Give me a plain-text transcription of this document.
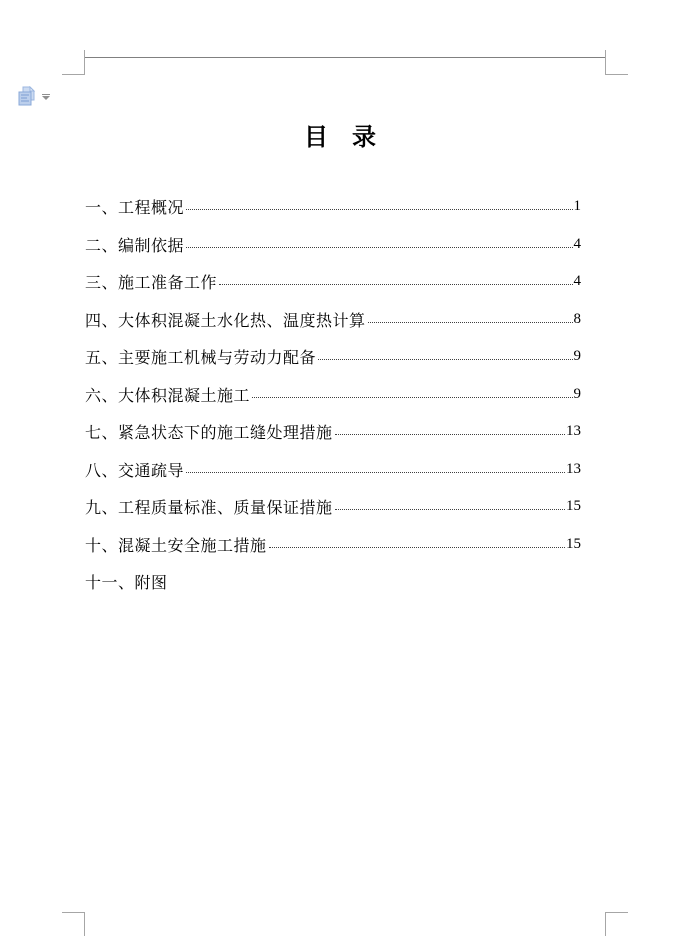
目　录
一、工程概况	1
二、编制依据	4
三、施工准备工作	4
四、大体积混凝土水化热、温度热计算	8
五、主要施工机械与劳动力配备	9
六、大体积混凝土施工	9
七、紧急状态下的施工缝处理措施	13
八、交通疏导	13
九、工程质量标准、质量保证措施	15
十、混凝土安全施工措施	15
十一、附图
